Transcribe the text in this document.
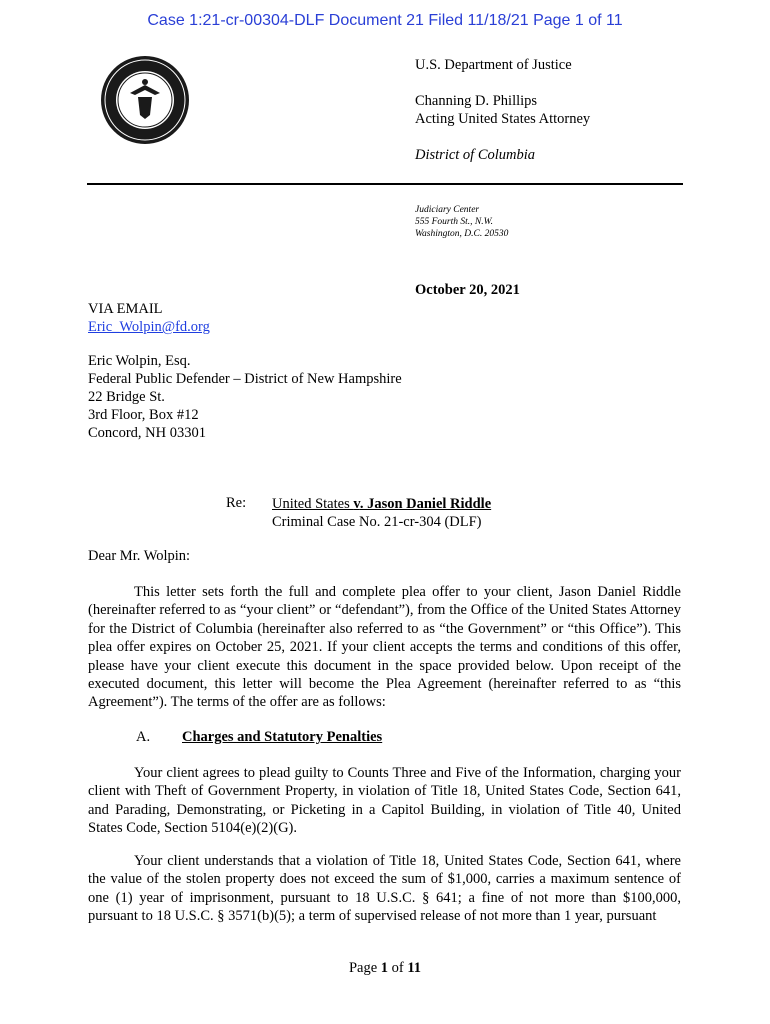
Case 1:21-cr-00304-DLF Document 21 Filed 11/18/21 Page 1 of 11
U.S. Department of Justice
Channing D. Phillips
Acting United States Attorney
District of Columbia
Judiciary Center
555 Fourth St., N.W.
Washington, D.C. 20530
October 20, 2021
VIA EMAIL
Eric_Wolpin@fd.org
Eric Wolpin, Esq.
Federal Public Defender – District of New Hampshire
22 Bridge St.
3rd Floor, Box #12
Concord, NH 03301
Re: United States v. Jason Daniel Riddle
Criminal Case No. 21-cr-304 (DLF)
Dear Mr. Wolpin:
This letter sets forth the full and complete plea offer to your client, Jason Daniel Riddle (hereinafter referred to as “your client” or “defendant”), from the Office of the United States Attorney for the District of Columbia (hereinafter also referred to as “the Government” or “this Office”). This plea offer expires on October 25, 2021. If your client accepts the terms and conditions of this offer, please have your client execute this document in the space provided below. Upon receipt of the executed document, this letter will become the Plea Agreement (hereinafter referred to as “this Agreement”). The terms of the offer are as follows:
A. Charges and Statutory Penalties
Your client agrees to plead guilty to Counts Three and Five of the Information, charging your client with Theft of Government Property, in violation of Title 18, United States Code, Section 641, and Parading, Demonstrating, or Picketing in a Capitol Building, in violation of Title 40, United States Code, Section 5104(e)(2)(G).
Your client understands that a violation of Title 18, United States Code, Section 641, where the value of the stolen property does not exceed the sum of $1,000, carries a maximum sentence of one (1) year of imprisonment, pursuant to 18 U.S.C. § 641; a fine of not more than $100,000, pursuant to 18 U.S.C. § 3571(b)(5); a term of supervised release of not more than 1 year, pursuant
Page 1 of 11
